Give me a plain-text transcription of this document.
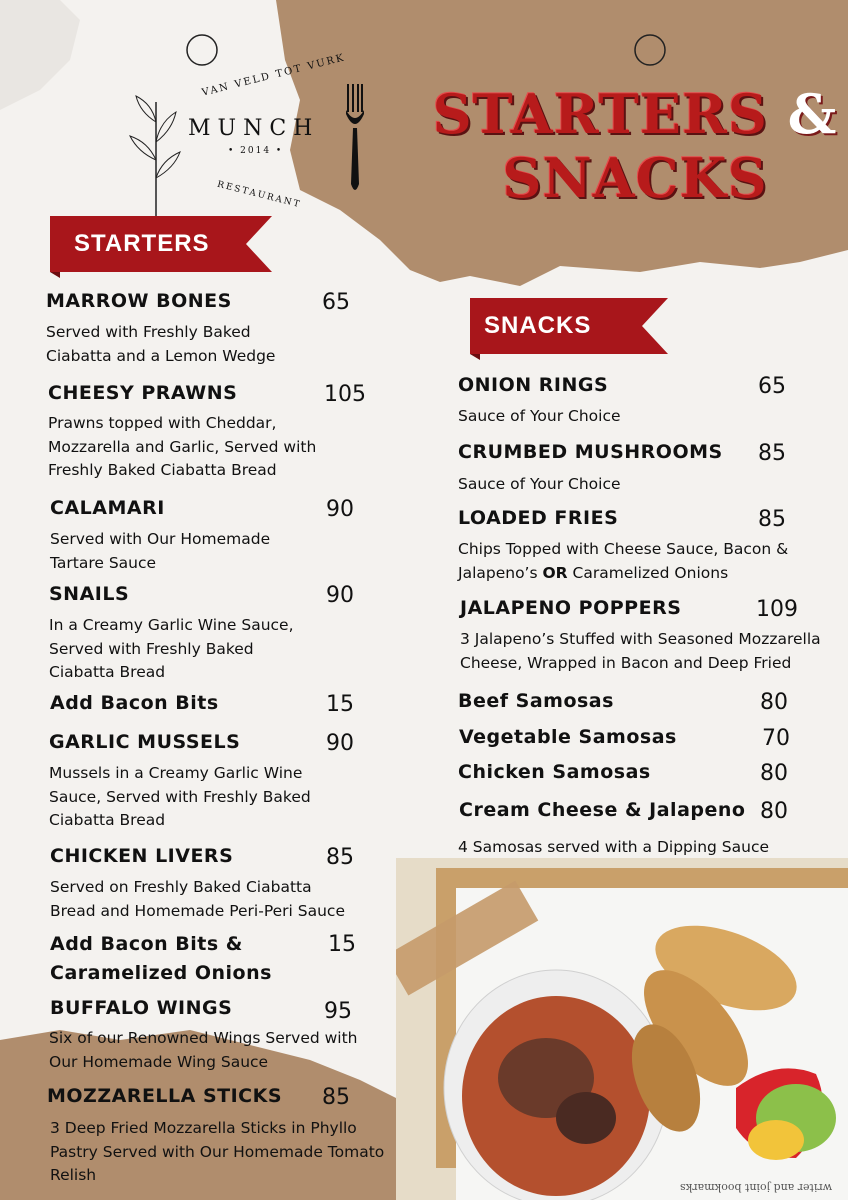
VAN VELD TOT VURK
MUNCH
• 2014 •
RESTAURANT
STARTERS &
SNACKS
STARTERS
SNACKS
MARROW BONES	65
Served with Freshly Baked
Ciabatta and a Lemon Wedge
CHEESY PRAWNS	105
Prawns topped with Cheddar,
Mozzarella and Garlic, Served with
Freshly Baked Ciabatta Bread
CALAMARI	90
Served with Our Homemade
Tartare Sauce
SNAILS	90
In a Creamy Garlic Wine Sauce,
Served with Freshly Baked
Ciabatta Bread
Add Bacon Bits	15
GARLIC MUSSELS	90
Mussels in a Creamy Garlic Wine
Sauce, Served with Freshly Baked
Ciabatta Bread
CHICKEN LIVERS	85
Served on Freshly Baked Ciabatta
Bread and Homemade Peri-Peri Sauce
Add Bacon Bits &
Caramelized Onions
15
BUFFALO WINGS	95
Six of our Renowned Wings Served with
Our Homemade Wing Sauce
MOZZARELLA STICKS 85
3 Deep Fried Mozzarella Sticks in Phyllo
Pastry Served with Our Homemade Tomato
Relish
ONION RINGS	65
Sauce of Your Choice
CRUMBED MUSHROOMS 85
Sauce of Your Choice
LOADED FRIES	85
Chips Topped with Cheese Sauce, Bacon &
Jalapeno’s OR Caramelized Onions
JALAPENO POPPERS	109
3 Jalapeno’s Stuffed with Seasoned Mozzarella
Cheese, Wrapped in Bacon and Deep Fried
Beef Samosas	80
Vegetable Samosas	70
Chicken Samosas	80
Cream Cheese & Jalapeno 80
4 Samosas served with a Dipping Sauce
writer and joint bookmarks
